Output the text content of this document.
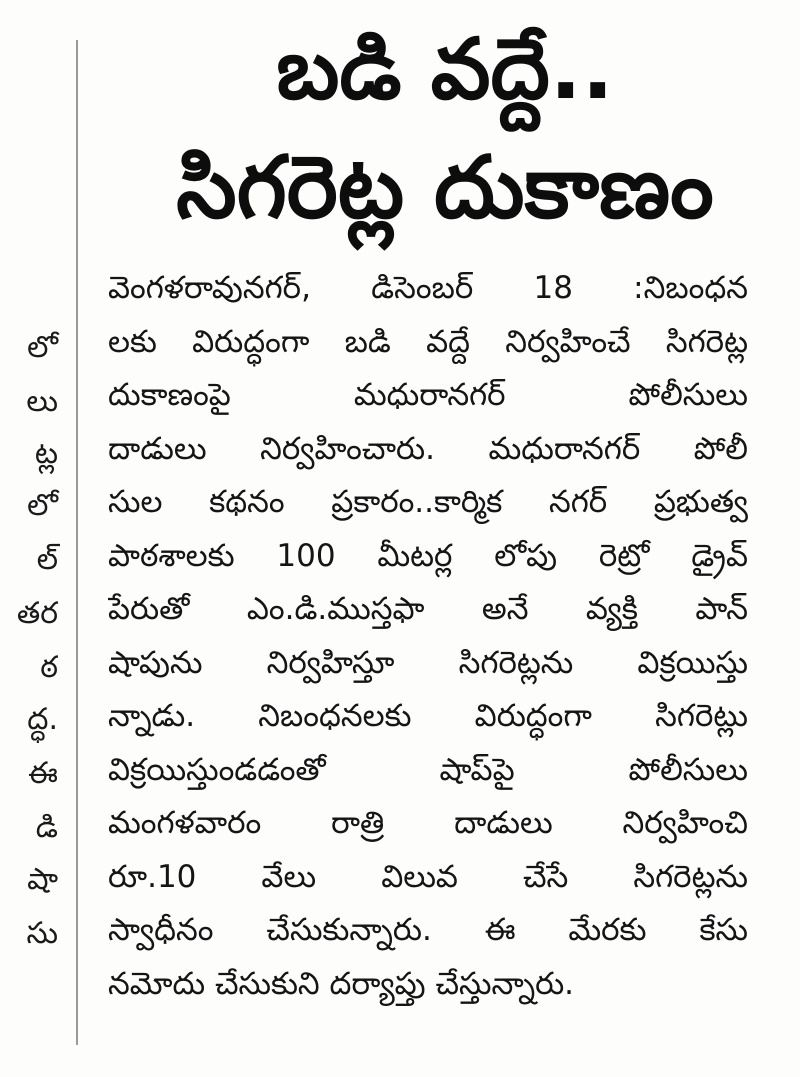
లో
లు
ట్ల
లో
ల్
తర
ఠ
ద్ధ.
ఈ
డి
షా
సు
బడి వద్దే..
సిగరెట్ల దుకాణం
వెంగళరావునగర్, డిసెంబర్ 18 :నిబంధన
లకు విరుద్ధంగా బడి వద్దే నిర్వహించే సిగరెట్ల
దుకాణంపై మధురానగర్ పోలీసులు
దాడులు నిర్వహించారు. మధురానగర్ పోలీ
సుల కథనం ప్రకారం..కార్మిక నగర్ ప్రభుత్వ
పాఠశాలకు 100 మీటర్ల లోపు రెట్రో డ్రైవ్
పేరుతో ఎం.డి.ముస్తఫా అనే వ్యక్తి పాన్
షాపును నిర్వహిస్తూ సిగరెట్లను విక్రయిస్తు
న్నాడు. నిబంధనలకు విరుద్ధంగా సిగరెట్లు
విక్రయిస్తుండడంతో షాప్‌పై పోలీసులు
మంగళవారం రాత్రి దాడులు నిర్వహించి
రూ.10 వేలు విలువ చేసే సిగరెట్లను
స్వాధీనం చేసుకున్నారు. ఈ మేరకు కేసు
నమోదు చేసుకుని దర్యాప్తు చేస్తున్నారు.
